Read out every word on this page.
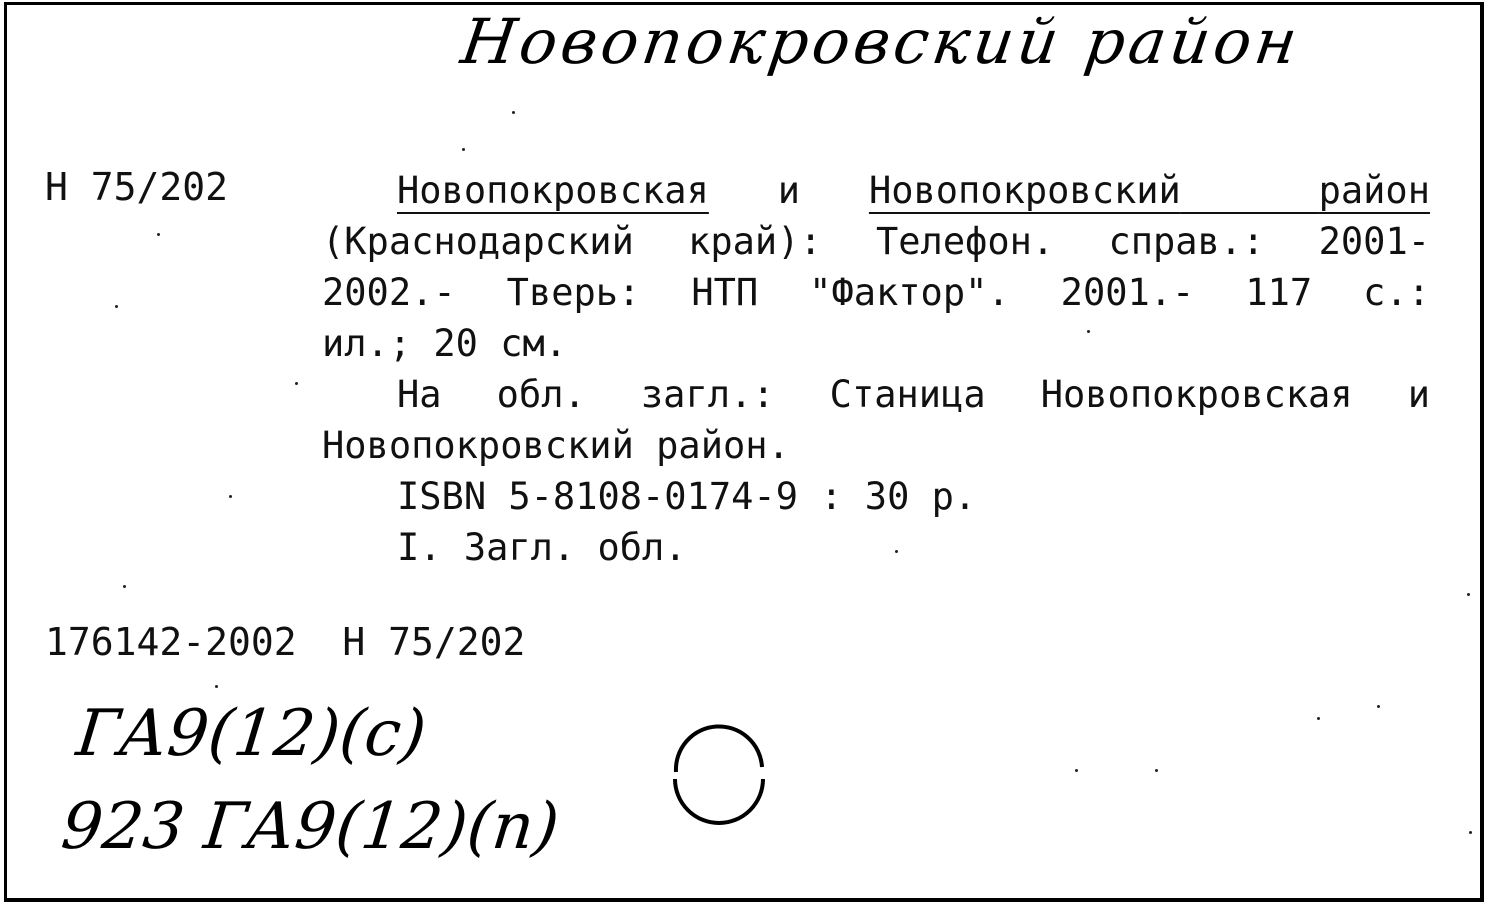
Новопокровский район
Н 75/202	Новопокровская и Новопокровский	район
(Краснодарский край): Телефон. справ.: 2001-
2002.- Тверь: НТП "Фактор". 2001.- 117 с.:
ил.; 20 см.
На обл. загл.: Станица Новопокровская и
Новопокровский район.
ISBN 5-8108-0174-9 : 30 р.
I. Загл. обл.
176142-2002  Н 75/202
ГА9(12)(с)
923 ГА9(12)(п)
